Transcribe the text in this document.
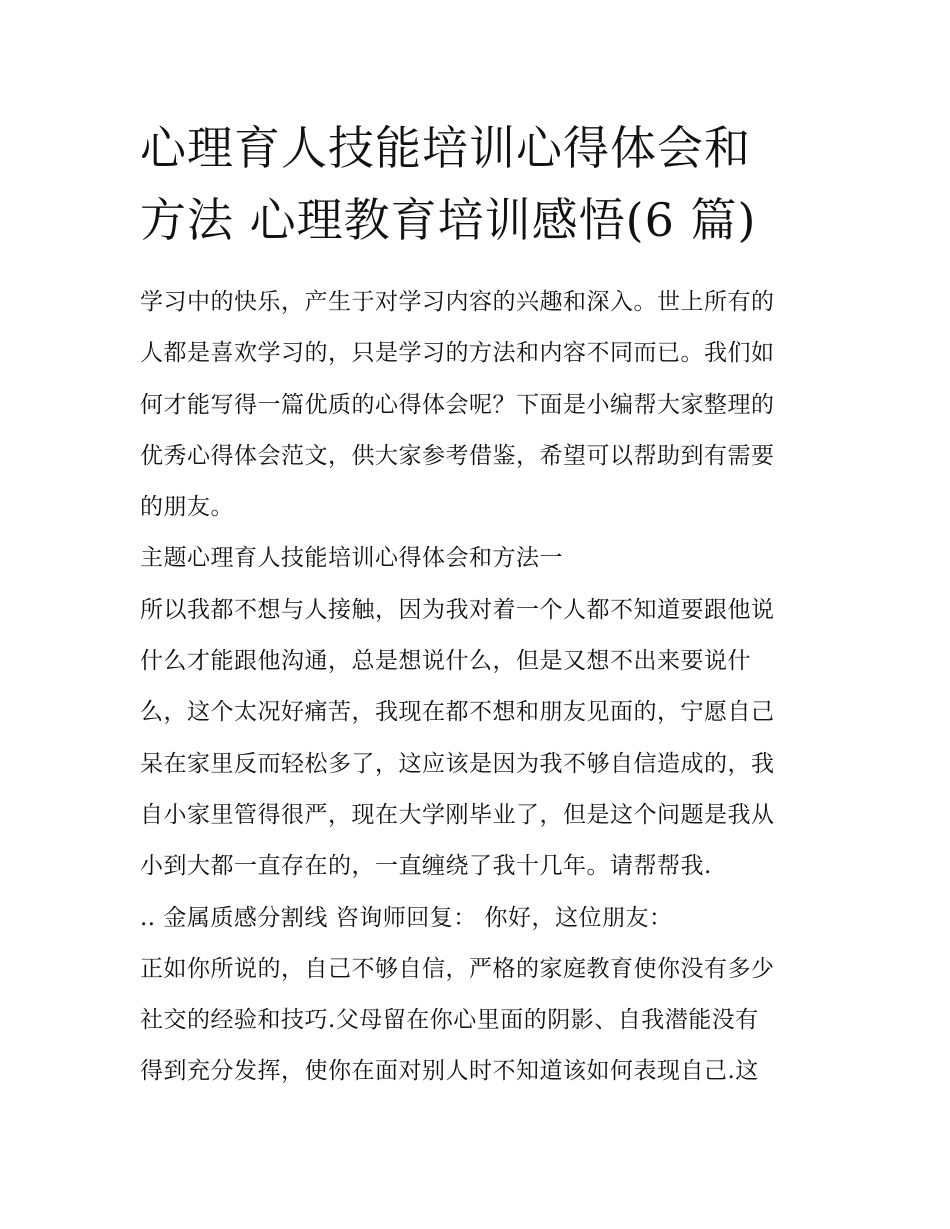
心理育人技能培训心得体会和
方法 心理教育培训感悟(6 篇)
学习中的快乐，产生于对学习内容的兴趣和深入。世上所有的
人都是喜欢学习的，只是学习的方法和内容不同而已。我们如
何才能写得一篇优质的心得体会呢？下面是小编帮大家整理的
优秀心得体会范文，供大家参考借鉴，希望可以帮助到有需要
的朋友。
主题心理育人技能培训心得体会和方法一
所以我都不想与人接触，因为我对着一个人都不知道要跟他说
什么才能跟他沟通，总是想说什么，但是又想不出来要说什
么，这个太况好痛苦，我现在都不想和朋友见面的，宁愿自己
呆在家里反而轻松多了，这应该是因为我不够自信造成的，我
自小家里管得很严，现在大学刚毕业了，但是这个问题是我从
小到大都一直存在的，一直缠绕了我十几年。请帮帮我.
.. 金属质感分割线 咨询师回复： 你好，这位朋友：
正如你所说的，自己不够自信，严格的家庭教育使你没有多少
社交的经验和技巧.父母留在你心里面的阴影、自我潜能没有
得到充分发挥，使你在面对别人时不知道该如何表现自己.这
